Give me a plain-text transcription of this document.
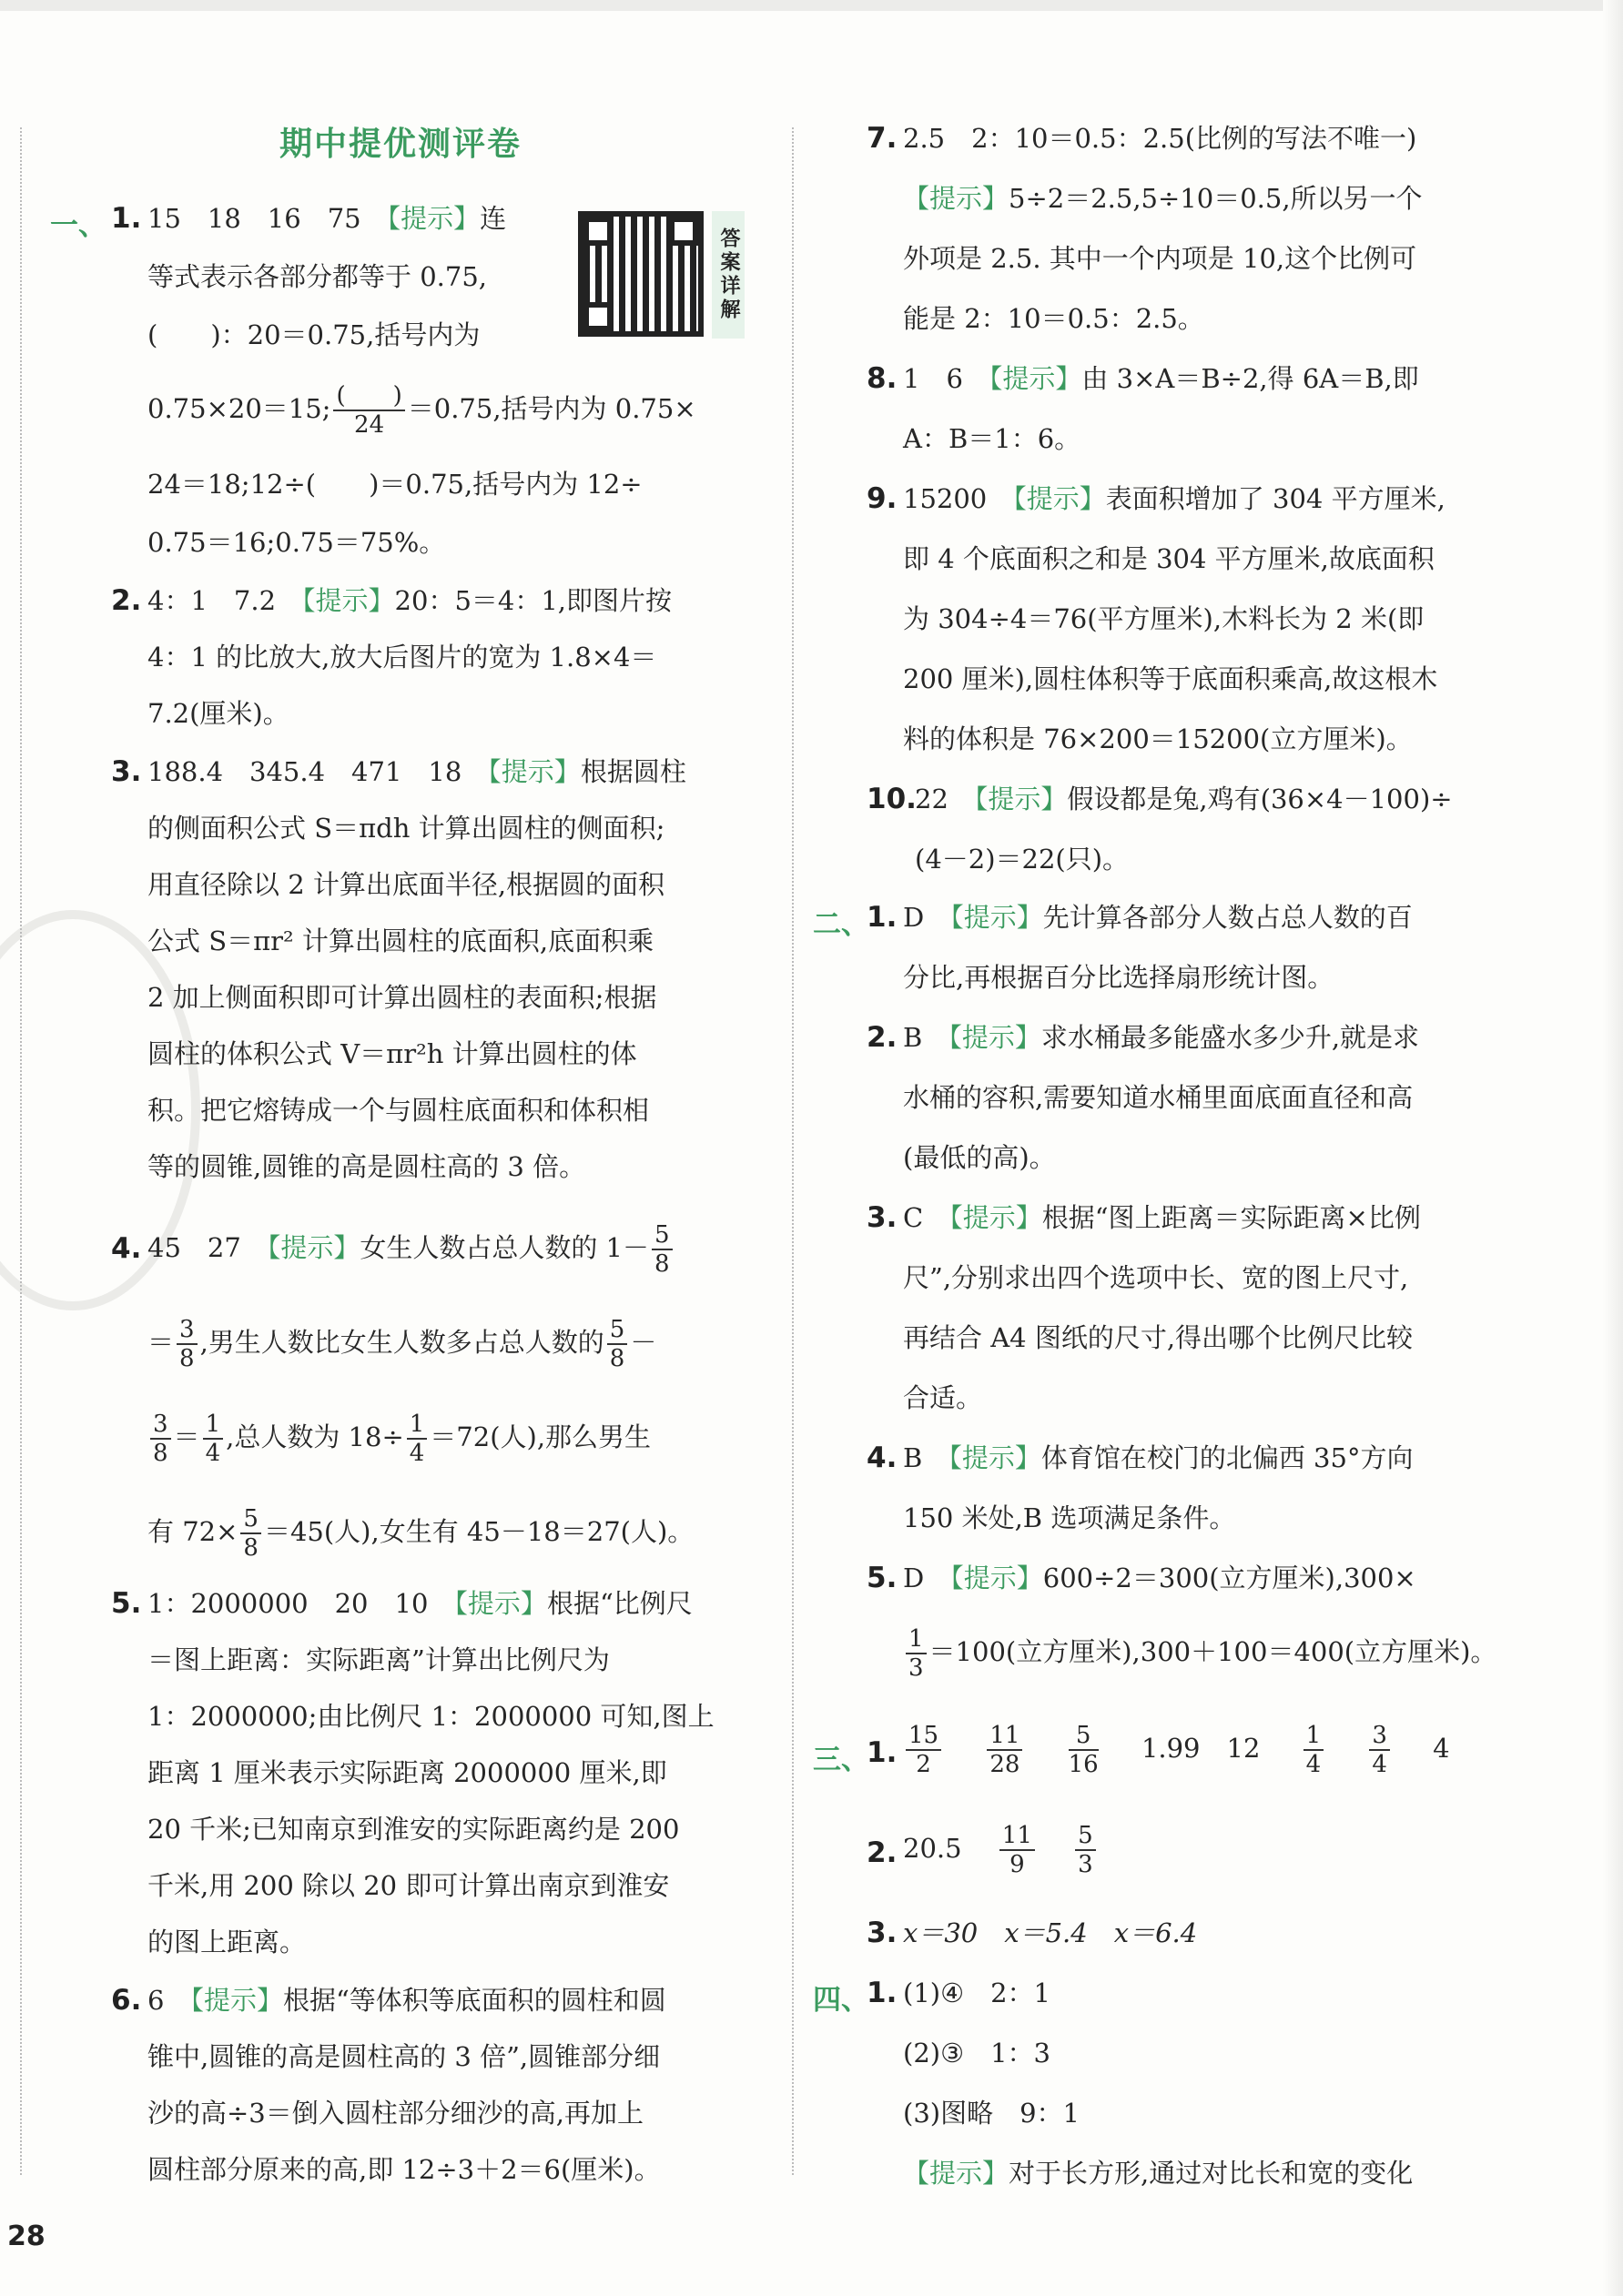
期中提优测评卷
答案详解
一、 1. 15　18　16　75　【提示】连
等式表示各部分都等于 0.75,
(　　)：20＝0.75,括号内为
0.75×20＝15; $\frac{( )}{24} =0.75$,括号内为 0.75×
24＝18;12÷(　　)＝0.75,括号内为 12÷
0.75＝16;0.75＝75%。
2. 4：1　7.2　【提示】20：5＝4：1,即图片按
4：1 的比放大,放大后图片的宽为 1.8×4＝
7.2(厘米)。
3. 188.4　345.4　471　18　【提示】根据圆柱
的侧面积公式 S＝πdh 计算出圆柱的侧面积;
用直径除以 2 计算出底面半径,根据圆的面积
公式 S＝πr² 计算出圆柱的底面积,底面积乘
2 加上侧面积即可计算出圆柱的表面积;根据
圆柱的体积公式 V＝πr²h 计算出圆柱的体
积。把它熔铸成一个与圆柱底面积和体积相
等的圆锥,圆锥的高是圆柱高的 3 倍。
4. 45　27　【提示】女生人数占总人数的 $1- \frac{5}{8}$
＝ $\frac{3}{8}$ ,男生人数比女生人数多占总人数的 $\frac{5}{8}$ －
$\frac{3}{8} = \frac{1}{4}$ ,总人数为 $18\div \frac{1}{4} =72$(人),那么男生
有 $72\times \frac{5}{8} =45$(人),女生有 45－18＝27(人)。
5. 1：2000000　20　10　【提示】根据“比例尺
＝图上距离：实际距离”计算出比例尺为
1：2000000;由比例尺 1：2000000 可知,图上
距离 1 厘米表示实际距离 2000000 厘米,即
20 千米;已知南京到淮安的实际距离约是 200
千米,用 200 除以 20 即可计算出南京到淮安
的图上距离。
6. 6　【提示】根据“等体积等底面积的圆柱和圆
锥中,圆锥的高是圆柱高的 3 倍”,圆锥部分细
沙的高÷3＝倒入圆柱部分细沙的高,再加上
圆柱部分原来的高,即 12÷3＋2＝6(厘米)。
7. 2.5　2：10＝0.5：2.5(比例的写法不唯一)
【提示】5÷2＝2.5,5÷10＝0.5,所以另一个
外项是 2.5. 其中一个内项是 10,这个比例可
能是 2：10＝0.5：2.5。
8. 1　6　【提示】由 3×A＝B÷2,得 6A＝B,即
A：B＝1：6。
9. 15200　【提示】表面积增加了 304 平方厘米,
即 4 个底面积之和是 304 平方厘米,故底面积
为 304÷4＝76(平方厘米),木料长为 2 米(即
200 厘米),圆柱体积等于底面积乘高,故这根木
料的体积是 76×200＝15200(立方厘米)。
10.
22　【提示】假设都是兔,鸡有(36×4－100)÷
(4－2)＝22(只)。
二、
1. D　【提示】先计算各部分人数占总人数的百
分比,再根据百分比选择扇形统计图。
2. B　【提示】求水桶最多能盛水多少升,就是求
水桶的容积,需要知道水桶里面底面直径和高
(最低的高)。
3. C　【提示】根据“图上距离＝实际距离×比例
尺”,分别求出四个选项中长、宽的图上尺寸,
再结合 A4 图纸的尺寸,得出哪个比例尺比较
合适。
4. B　【提示】体育馆在校门的北偏西 35°方向
150 米处,B 选项满足条件。
5. D　【提示】600÷2＝300(立方厘米),300×
$\frac{1}{3} =100$(立方厘米),300＋100＝400(立方厘米)。
三、
1. $\frac{15}{2}$
　 $\frac{11}{28}$
　 $\frac{5}{16}$
　 1.99　12　 $\frac{1}{4}$
　 $\frac{3}{4}$
　 4
2. 20.5　 $\frac{11}{9}$
　 $\frac{5}{3}$
3. x＝30　x＝5.4　x＝6.4
四、
1. (1)④　2：1
(2)③　1：3
(3)图略　9：1
【提示】对于长方形,通过对比长和宽的变化
28
